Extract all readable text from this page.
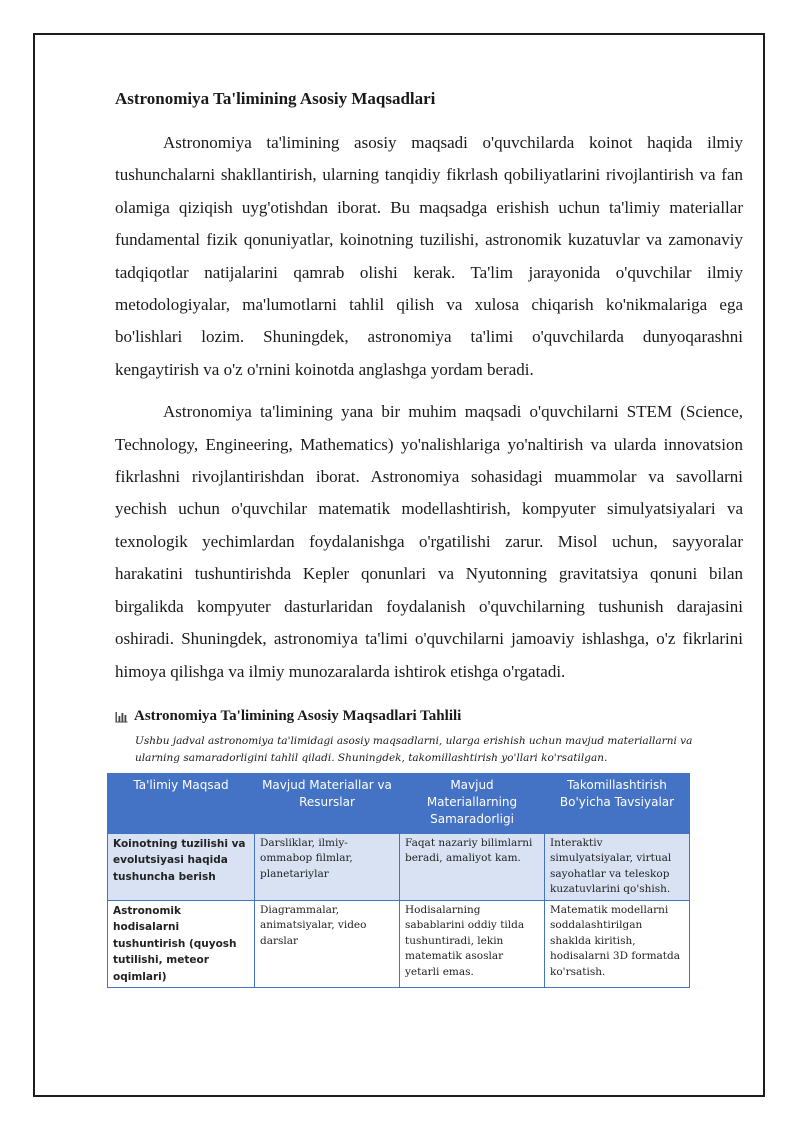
Astronomiya Ta'limining Asosiy Maqsadlari

Astronomiya ta'limining asosiy maqsadi o'quvchilarda koinot haqida ilmiy tushunchalarni shakllantirish, ularning tanqidiy fikrlash qobiliyatlarini rivojlantirish va fan olamiga qiziqish uyg'otishdan iborat. Bu maqsadga erishish uchun ta'limiy materiallar fundamental fizik qonuniyatlar, koinotning tuzilishi, astronomik kuzatuvlar va zamonaviy tadqiqotlar natijalarini qamrab olishi kerak. Ta'lim jarayonida o'quvchilar ilmiy metodologiyalar, ma'lumotlarni tahlil qilish va xulosa chiqarish ko'nikmalariga ega bo'lishlari lozim. Shuningdek, astronomiya ta'limi o'quvchilarda dunyoqarashni kengaytirish va o'z o'rnini koinotda anglashga yordam beradi.

Astronomiya ta'limining yana bir muhim maqsadi o'quvchilarni STEM (Science, Technology, Engineering, Mathematics) yo'nalishlariga yo'naltirish va ularda innovatsion fikrlashni rivojlantirishdan iborat. Astronomiya sohasidagi muammolar va savollarni yechish uchun o'quvchilar matematik modellashtirish, kompyuter simulyatsiyalari va texnologik yechimlardan foydalanishga o'rgatilishi zarur. Misol uchun, sayyoralar harakatini tushuntirishda Kepler qonunlari va Nyutonning gravitatsiya qonuni bilan birgalikda kompyuter dasturlaridan foydalanish o'quvchilarning tushunish darajasini oshiradi. Shuningdek, astronomiya ta'limi o'quvchilarni jamoaviy ishlashga, o'z fikrlarini himoya qilishga va ilmiy munozaralarda ishtirok etishga o'rgatadi.

Astronomiya Ta'limining Asosiy Maqsadlari Tahlili
Ushbu jadval astronomiya ta'limidagi asosiy maqsadlarni, ularga erishish uchun mavjud materiallarni va ularning samaradorligini tahlil qiladi. Shuningdek, takomillashtirish yo'llari ko'rsatilgan.
Ta'limiy Maqsad	Mavjud Materiallar va Resurslar	Mavjud Materiallarning Samaradorligi	Takomillashtirish Bo'yicha Tavsiyalar
Koinotning tuzilishi va evolutsiyasi haqida tushuncha berish	Darsliklar, ilmiy-ommabop filmlar, planetariylar	Faqat nazariy bilimlarni beradi, amaliyot kam.	Interaktiv simulyatsiyalar, virtual sayohatlar va teleskop kuzatuvlarini qo'shish.
Astronomik hodisalarni tushuntirish (quyosh tutilishi, meteor oqimlari)	Diagrammalar, animatsiyalar, video darslar	Hodisalarning sabablarini oddiy tilda tushuntiradi, lekin matematik asoslar yetarli emas.	Matematik modellarni soddalashtirilgan shaklda kiritish, hodisalarni 3D formatda ko'rsatish.
